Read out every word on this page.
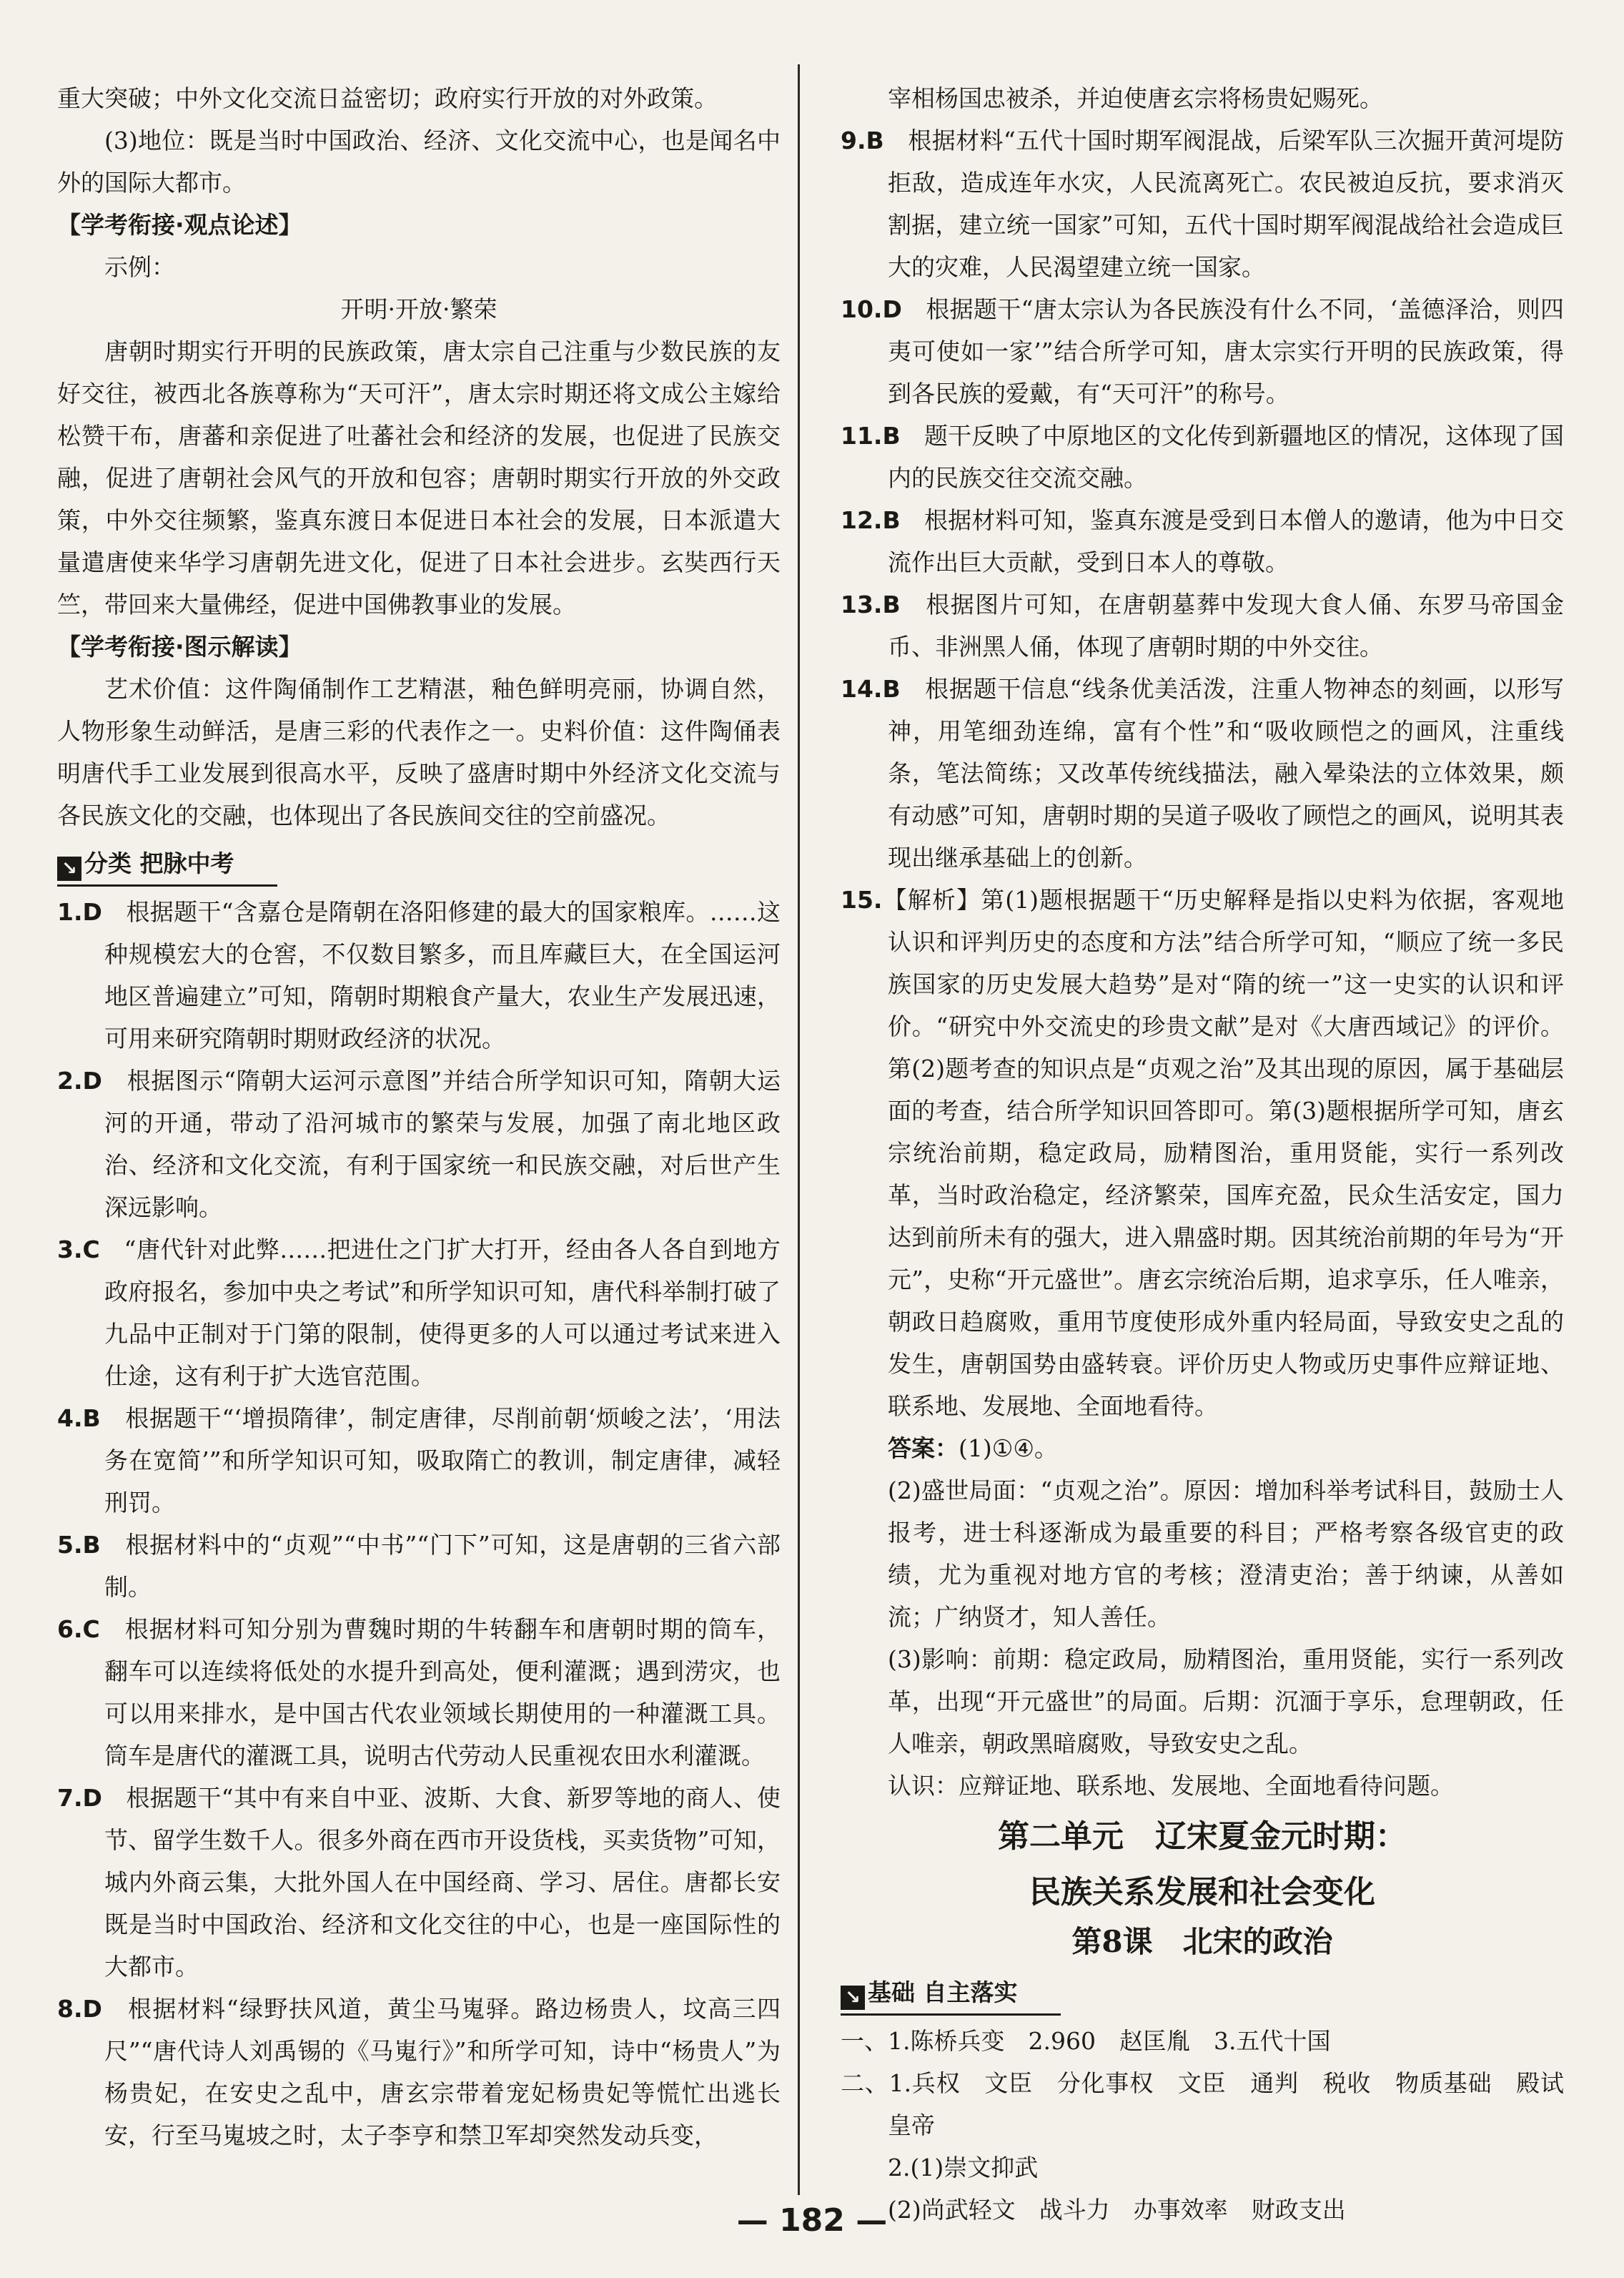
重大突破；中外文化交流日益密切；政府实行开放的对外政策。

(3)地位：既是当时中国政治、经济、文化交流中心，也是闻名中外的国际大都市。

【学考衔接·观点论述】

示例：

开明·开放·繁荣

唐朝时期实行开明的民族政策，唐太宗自己注重与少数民族的友好交往，被西北各族尊称为“天可汗”，唐太宗时期还将文成公主嫁给松赞干布，唐蕃和亲促进了吐蕃社会和经济的发展，也促进了民族交融，促进了唐朝社会风气的开放和包容；唐朝时期实行开放的外交政策，中外交往频繁，鉴真东渡日本促进日本社会的发展，日本派遣大量遣唐使来华学习唐朝先进文化，促进了日本社会进步。玄奘西行天竺，带回来大量佛经，促进中国佛教事业的发展。

【学考衔接·图示解读】

艺术价值：这件陶俑制作工艺精湛，釉色鲜明亮丽，协调自然，人物形象生动鲜活，是唐三彩的代表作之一。史料价值：这件陶俑表明唐代手工业发展到很高水平，反映了盛唐时期中外经济文化交流与各民族文化的交融，也体现出了各民族间交往的空前盛况。

↘ 分类 把脉中考

1.D　 根据题干“含嘉仓是隋朝在洛阳修建的最大的国家粮库。……这种规模宏大的仓窖，不仅数目繁多，而且库藏巨大，在全国运河地区普遍建立”可知，隋朝时期粮食产量大，农业生产发展迅速，可用来研究隋朝时期财政经济的状况。

2.D　 根据图示“隋朝大运河示意图”并结合所学知识可知，隋朝大运河的开通，带动了沿河城市的繁荣与发展，加强了南北地区政治、经济和文化交流，有利于国家统一和民族交融，对后世产生深远影响。

3.C　 “唐代针对此弊……把进仕之门扩大打开，经由各人各自到地方政府报名，参加中央之考试”和所学知识可知，唐代科举制打破了九品中正制对于门第的限制，使得更多的人可以通过考试来进入仕途，这有利于扩大选官范围。

4.B　 根据题干“‘增损隋律’，制定唐律，尽削前朝‘烦峻之法’，‘用法务在宽简’”和所学知识可知，吸取隋亡的教训，制定唐律，减轻刑罚。

5.B　 根据材料中的“贞观”“中书”“门下”可知，这是唐朝的三省六部制。

6.C　 根据材料可知分别为曹魏时期的牛转翻车和唐朝时期的筒车，翻车可以连续将低处的水提升到高处，便利灌溉；遇到涝灾，也可以用来排水，是中国古代农业领域长期使用的一种灌溉工具。筒车是唐代的灌溉工具，说明古代劳动人民重视农田水利灌溉。

7.D　 根据题干“其中有来自中亚、波斯、大食、新罗等地的商人、使节、留学生数千人。很多外商在西市开设货栈，买卖货物”可知，城内外商云集，大批外国人在中国经商、学习、居住。唐都长安既是当时中国政治、经济和文化交往的中心，也是一座国际性的大都市。

8.D　 根据材料“绿野扶风道，黄尘马嵬驿。路边杨贵人，坟高三四尺”“唐代诗人刘禹锡的《马嵬行》”和所学可知，诗中“杨贵人”为杨贵妃，在安史之乱中，唐玄宗带着宠妃杨贵妃等慌忙出逃长安，行至马嵬坡之时，太子李亨和禁卫军却突然发动兵变，

宰相杨国忠被杀，并迫使唐玄宗将杨贵妃赐死。

9.B　 根据材料“五代十国时期军阀混战，后梁军队三次掘开黄河堤防拒敌，造成连年水灾，人民流离死亡。农民被迫反抗，要求消灭割据，建立统一国家”可知，五代十国时期军阀混战给社会造成巨大的灾难，人民渴望建立统一国家。

10.D　 根据题干“唐太宗认为各民族没有什么不同，‘盖德泽洽，则四夷可使如一家’”结合所学可知，唐太宗实行开明的民族政策，得到各民族的爱戴，有“天可汗”的称号。

11.B　 题干反映了中原地区的文化传到新疆地区的情况，这体现了国内的民族交往交流交融。

12.B　 根据材料可知，鉴真东渡是受到日本僧人的邀请，他为中日交流作出巨大贡献，受到日本人的尊敬。

13.B　 根据图片可知，在唐朝墓葬中发现大食人俑、东罗马帝国金币、非洲黑人俑，体现了唐朝时期的中外交往。

14.B　 根据题干信息“线条优美活泼，注重人物神态的刻画，以形写神，用笔细劲连绵，富有个性”和“吸收顾恺之的画风，注重线条，笔法简练；又改革传统线描法，融入晕染法的立体效果，颇有动感”可知，唐朝时期的吴道子吸收了顾恺之的画风，说明其表现出继承基础上的创新。

15.【解析】第(1)题根据题干“历史解释是指以史料为依据，客观地认识和评判历史的态度和方法”结合所学可知，“顺应了统一多民族国家的历史发展大趋势”是对“隋的统一”这一史实的认识和评价。“研究中外交流史的珍贵文献”是对《大唐西域记》的评价。第(2)题考查的知识点是“贞观之治”及其出现的原因，属于基础层面的考查，结合所学知识回答即可。第(3)题根据所学可知，唐玄宗统治前期，稳定政局，励精图治，重用贤能，实行一系列改革，当时政治稳定，经济繁荣，国库充盈，民众生活安定，国力达到前所未有的强大，进入鼎盛时期。因其统治前期的年号为“开元”，史称“开元盛世”。唐玄宗统治后期，追求享乐，任人唯亲，朝政日趋腐败，重用节度使形成外重内轻局面，导致安史之乱的发生，唐朝国势由盛转衰。评价历史人物或历史事件应辩证地、联系地、发展地、全面地看待。

答案：(1)①④。

(2)盛世局面：“贞观之治”。原因：增加科举考试科目，鼓励士人报考，进士科逐渐成为最重要的科目；严格考察各级官吏的政绩，尤为重视对地方官的考核；澄清吏治；善于纳谏，从善如流；广纳贤才，知人善任。

(3)影响：前期：稳定政局，励精图治，重用贤能，实行一系列改革，出现“开元盛世”的局面。后期：沉湎于享乐，怠理朝政，任人唯亲，朝政黑暗腐败，导致安史之乱。

认识：应辩证地、联系地、发展地、全面地看待问题。

第二单元　辽宋夏金元时期：
民族关系发展和社会变化
第8课　北宋的政治
↘ 基础 自主落实

一、1.陈桥兵变　2.960　赵匡胤　3.五代十国

二、1.兵权　文臣　分化事权　文臣　通判　税收　物质基础　殿试　皇帝

2.(1)崇文抑武

(2)尚武轻文　战斗力　办事效率　财政支出

— 182 —
